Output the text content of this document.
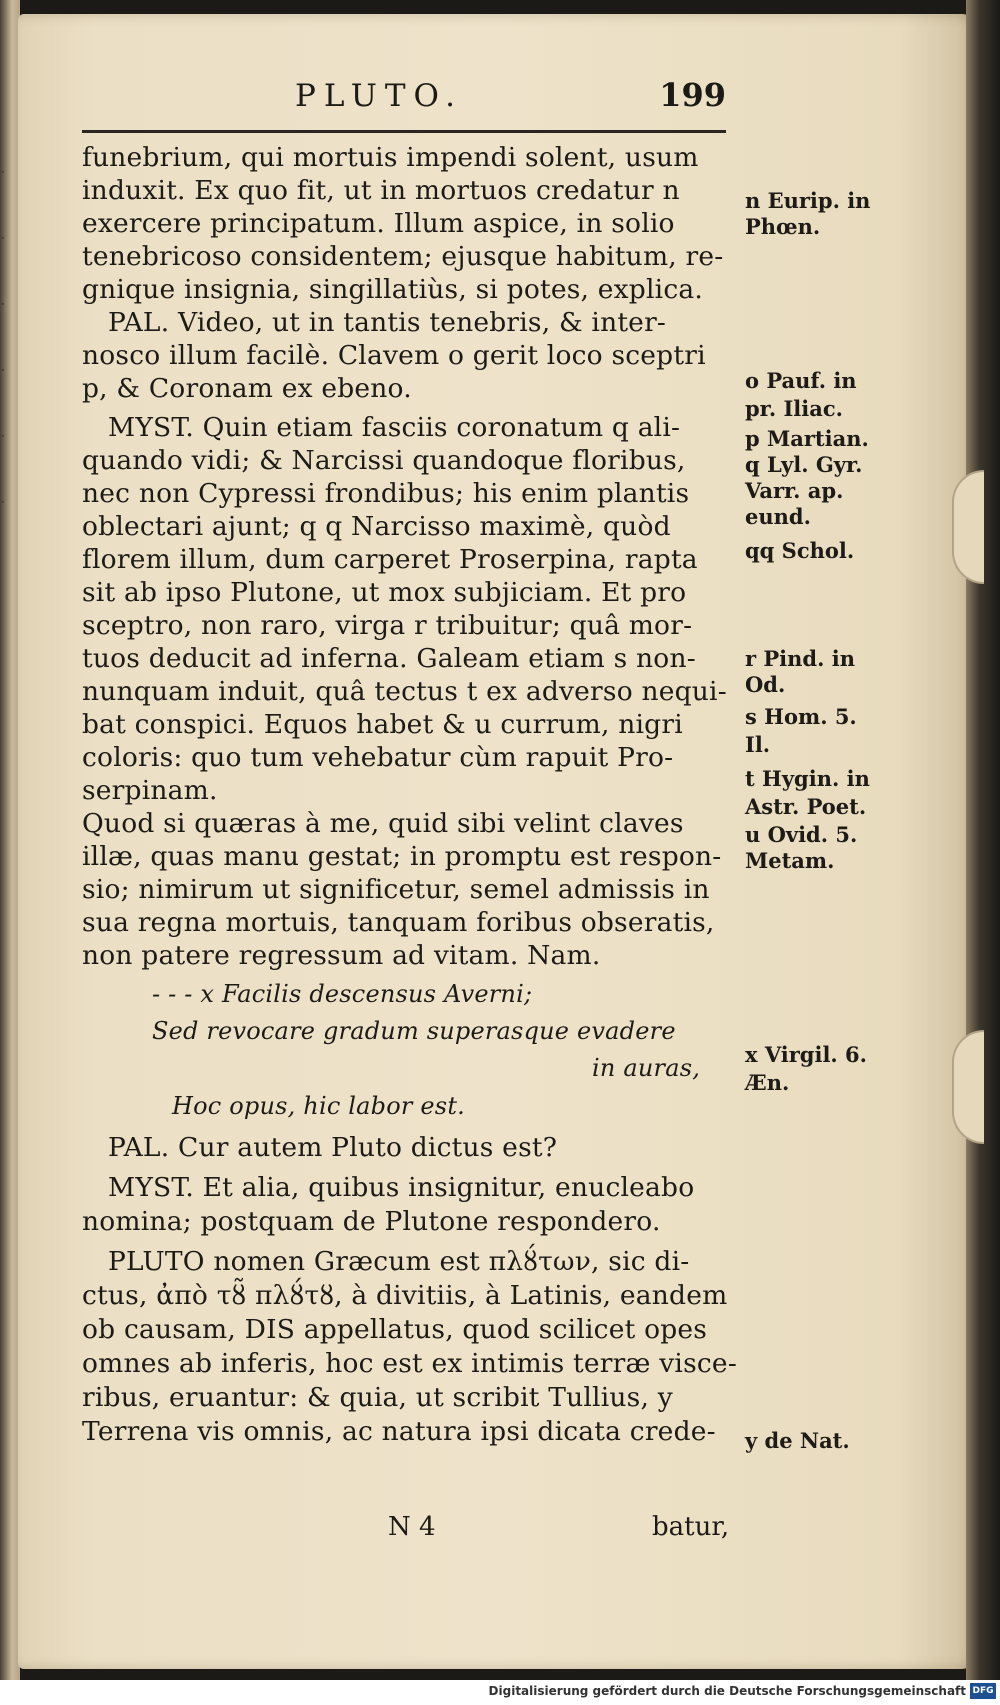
·
·
·
·
·
·
PLUTO.	199
funebrium, qui mortuis impendi solent, usum
induxit. Ex quo fit, ut in mortuos credatur n
exercere principatum. Illum aspice, in solio
tenebricoso considentem; ejusque habitum, re-
gnique insignia, singillatiùs, si potes, explica.
PAL. Video, ut in tantis tenebris, & inter-
nosco illum facilè. Clavem o gerit loco sceptri
p, & Coronam ex ebeno.
MYST. Quin etiam fasciis coronatum q ali-
quando vidi; & Narcissi quandoque floribus,
nec non Cypressi frondibus; his enim plantis
oblectari ajunt; q q Narcisso maximè, quòd
florem illum, dum carperet Proserpina, rapta
sit ab ipso Plutone, ut mox subjiciam. Et pro
sceptro, non raro, virga r tribuitur; quâ mor-
tuos deducit ad inferna. Galeam etiam s non-
nunquam induit, quâ tectus t ex adverso nequi-
bat conspici. Equos habet & u currum, nigri
coloris: quo tum vehebatur cùm rapuit Pro-
serpinam.
Quod si quæras à me, quid sibi velint claves
illæ, quas manu gestat; in promptu est respon-
sio; nimirum ut significetur, semel admissis in
sua regna mortuis, tanquam foribus obseratis,
non patere regressum ad vitam. Nam.
- - - x Facilis descensus Averni;
Sed revocare gradum superasque evadere
in auras,
Hoc opus, hic labor est.
PAL. Cur autem Pluto dictus est?
MYST. Et alia, quibus insignitur, enucleabo
nomina; postquam de Plutone respondero.
PLUTO nomen Græcum est πλȣ́των, sic di-
ctus, ἀπὸ τȣ̃ πλȣ́τȣ, à divitiis, à Latinis, eandem
ob causam, DIS appellatus, quod scilicet opes
omnes ab inferis, hoc est ex intimis terræ visce-
ribus, eruantur: & quia, ut scribit Tullius, y
Terrena vis omnis, ac natura ipsi dicata crede-
n Eurip. in
Phœn.
o Pauf. in
pr. Iliac.
p Martian.
q Lyl. Gyr.
Varr. ap.
eund.
qq Schol.
r Pind. in
Od.
s Hom. 5.
Il.
t Hygin. in
Astr. Poet.
u Ovid. 5.
Metam.
x Virgil. 6.
Æn.
y de Nat.
N 4	batur,
Digitalisierung gefördert durch die Deutsche Forschungsgemeinschaft DFG
